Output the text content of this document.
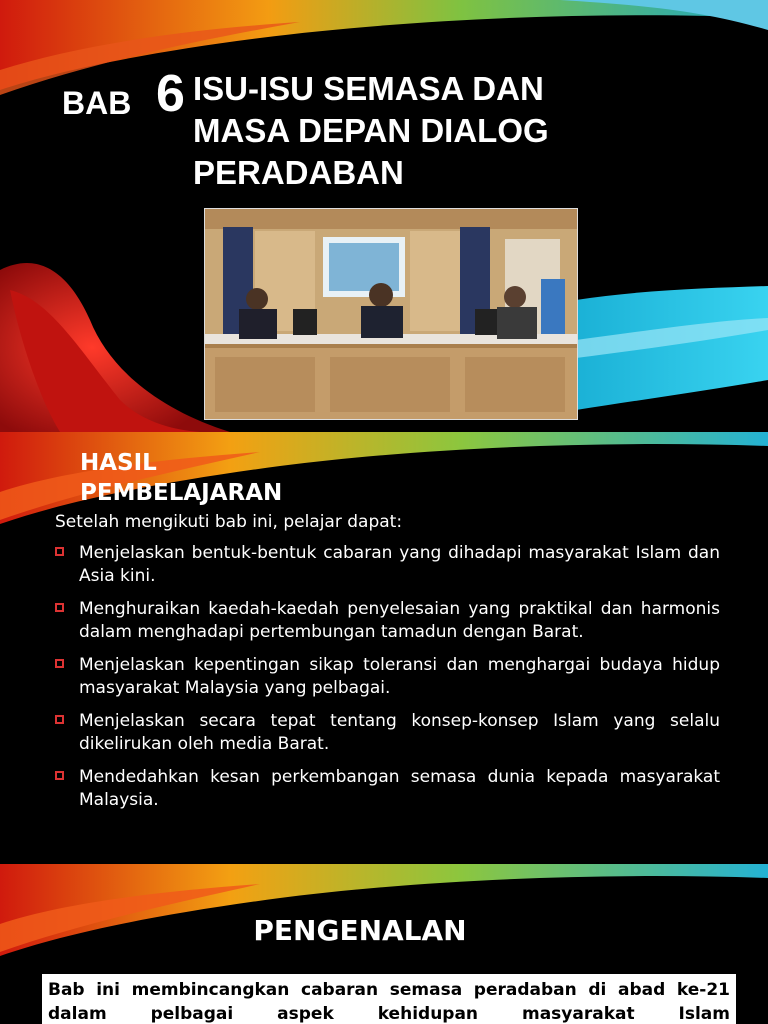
BAB 6 ISU-ISU SEMASA DAN
MASA DEPAN DIALOG
PERADABAN
HASIL
PEMBELAJARAN
Setelah mengikuti bab ini, pelajar dapat:
Menjelaskan bentuk-bentuk cabaran yang dihadapi masyarakat Islam dan Asia kini.
Menghuraikan kaedah-kaedah penyelesaian yang praktikal dan harmonis dalam menghadapi pertembungan tamadun dengan Barat.
Menjelaskan kepentingan sikap toleransi dan menghargai budaya hidup masyarakat Malaysia yang pelbagai.
Menjelaskan secara tepat tentang konsep-konsep Islam yang selalu dikelirukan oleh media Barat.
Mendedahkan kesan perkembangan semasa dunia kepada masyarakat Malaysia.
PENGENALAN

Bab ini membincangkan cabaran semasa peradaban di abad ke-21 dalam pelbagai aspek kehidupan masyarakat Islam
